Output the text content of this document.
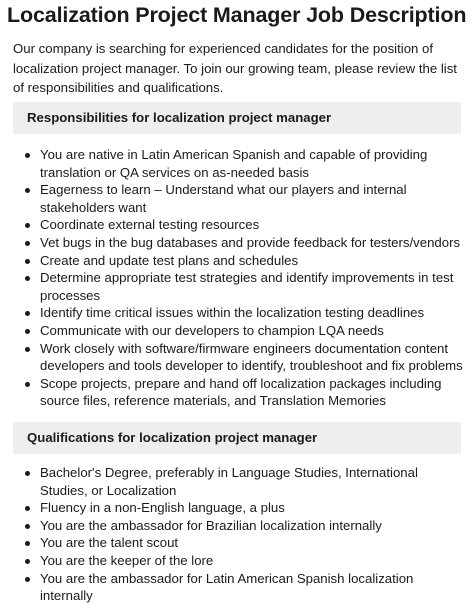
Localization Project Manager Job Description
Our company is searching for experienced candidates for the position of localization project manager. To join our growing team, please review the list of responsibilities and qualifications.
Responsibilities for localization project manager
You are native in Latin American Spanish and capable of providing translation or QA services on as-needed basis
Eagerness to learn – Understand what our players and internal stakeholders want
Coordinate external testing resources
Vet bugs in the bug databases and provide feedback for testers/vendors
Create and update test plans and schedules
Determine appropriate test strategies and identify improvements in test processes
Identify time critical issues within the localization testing deadlines
Communicate with our developers to champion LQA needs
Work closely with software/firmware engineers documentation content developers and tools developer to identify, troubleshoot and fix problems
Scope projects, prepare and hand off localization packages including source files, reference materials, and Translation Memories
Qualifications for localization project manager
Bachelor's Degree, preferably in Language Studies, International Studies, or Localization
Fluency in a non-English language, a plus
You are the ambassador for Brazilian localization internally
You are the talent scout
You are the keeper of the lore
You are the ambassador for Latin American Spanish localization internally
